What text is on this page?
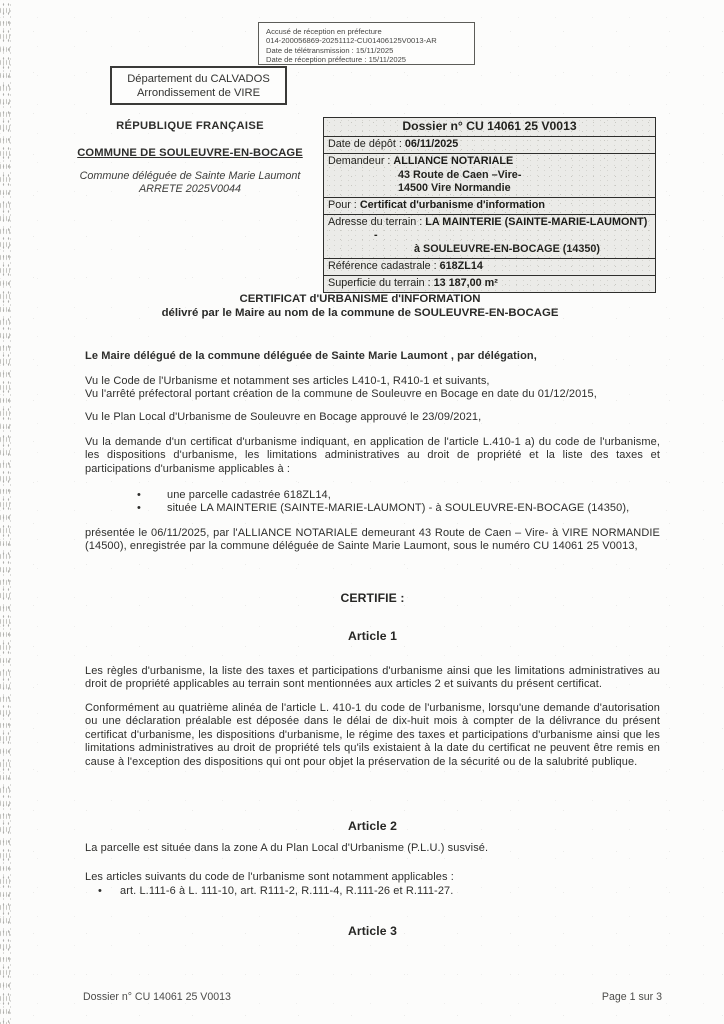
Accusé de réception en préfecture
014-200056869-20251112-CU01406125V0013-AR
Date de télétransmission : 15/11/2025
Date de réception préfecture : 15/11/2025
Département du CALVADOS
Arrondissement de VIRE
RÉPUBLIQUE FRANÇAISE
COMMUNE DE SOULEUVRE-EN-BOCAGE
Commune déléguée de Sainte Marie Laumont
ARRETE 2025V0044
Dossier n° CU 14061 25 V0013
Date de dépôt : 06/11/2025
Demandeur : ALLIANCE NOTARIALE
43 Route de Caen –Vire-
14500 Vire Normandie
Pour : Certificat d'urbanisme d'information
Adresse du terrain : LA MAINTERIE (SAINTE-MARIE-LAUMONT)
-
à SOULEUVRE-EN-BOCAGE (14350)
Référence cadastrale : 618ZL14
Superficie du terrain : 13 187,00 m²
CERTIFICAT d'URBANISME d'INFORMATION
délivré par le Maire au nom de la commune de SOULEUVRE-EN-BOCAGE
Le Maire délégué de la commune déléguée de Sainte Marie Laumont , par délégation,
Vu le Code de l'Urbanisme et notamment ses articles L410-1, R410-1 et suivants,
Vu l'arrêté préfectoral portant création de la commune de Souleuvre en Bocage en date du 01/12/2015,
Vu le Plan Local d'Urbanisme de Souleuvre en Bocage approuvé le 23/09/2021,
Vu la demande d'un certificat d'urbanisme indiquant, en application de l'article L.410-1 a) du code de l'urbanisme, les dispositions d'urbanisme, les limitations administratives au droit de propriété et la liste des taxes et participations d'urbanisme applicables à :
•	une parcelle cadastrée 618ZL14,
•	située LA MAINTERIE (SAINTE-MARIE-LAUMONT) - à SOULEUVRE-EN-BOCAGE (14350),
présentée le 06/11/2025, par l'ALLIANCE NOTARIALE demeurant 43 Route de Caen – Vire- à VIRE NORMANDIE (14500), enregistrée par la commune déléguée de Sainte Marie Laumont, sous le numéro CU 14061 25 V0013,
CERTIFIE :
Article 1
Les règles d'urbanisme, la liste des taxes et participations d'urbanisme ainsi que les limitations administratives au droit de propriété applicables au terrain sont mentionnées aux articles 2 et suivants du présent certificat.
Conformément au quatrième alinéa de l'article L. 410-1 du code de l'urbanisme, lorsqu'une demande d'autorisation ou une déclaration préalable est déposée dans le délai de dix-huit mois à compter de la délivrance du présent certificat d'urbanisme, les dispositions d'urbanisme, le régime des taxes et participations d'urbanisme ainsi que les limitations administratives au droit de propriété tels qu'ils existaient à la date du certificat ne peuvent être remis en cause à l'exception des dispositions qui ont pour objet la préservation de la sécurité ou de la salubrité publique.
Article 2
La parcelle est située dans la zone A du Plan Local d'Urbanisme (P.L.U.) susvisé.
Les articles suivants du code de l'urbanisme sont notamment applicables :
•	art. L.111-6 à L. 111-10, art. R111-2, R.111-4, R.111-26 et R.111-27.
Article 3
Dossier n° CU 14061 25 V0013	Page 1 sur 3
